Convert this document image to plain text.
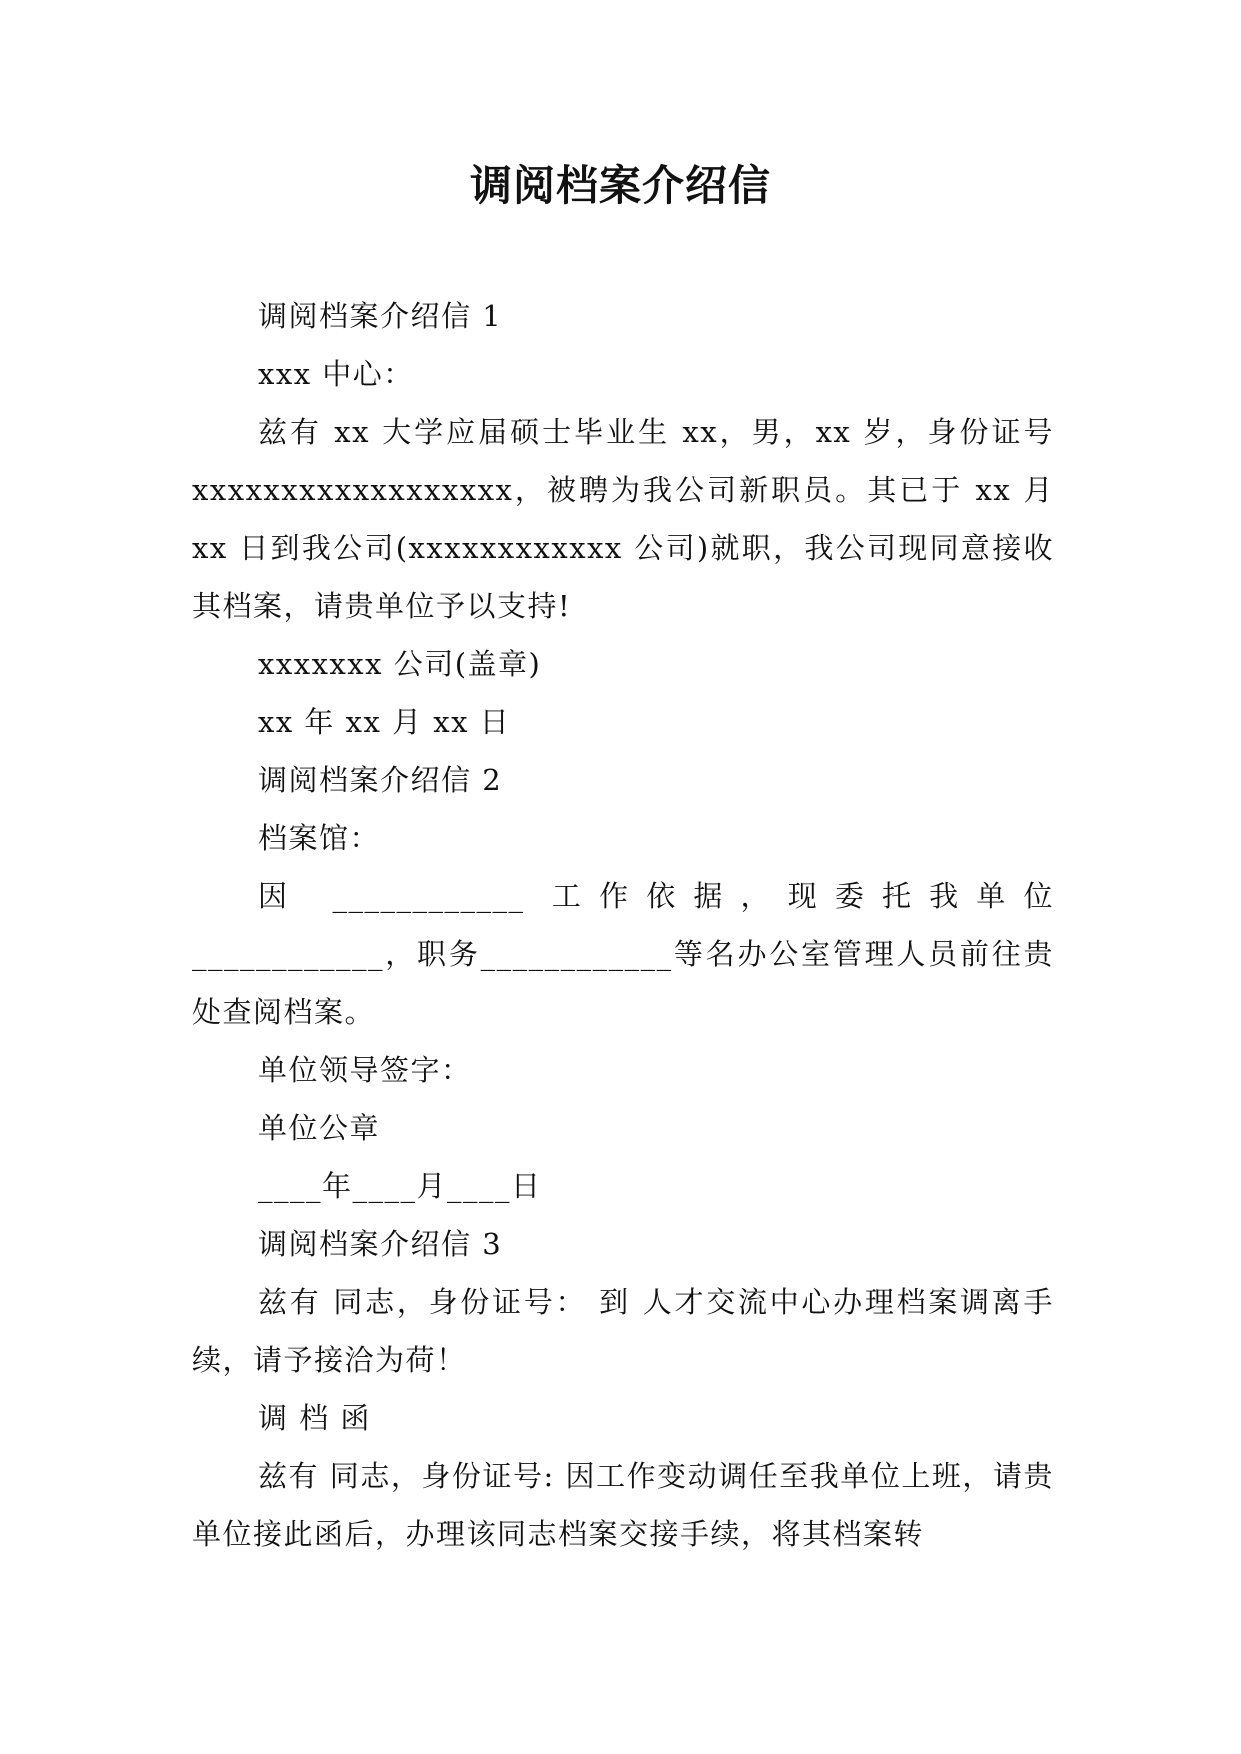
调阅档案介绍信

调阅档案介绍信 1

xxx 中心：

兹有 xx 大学应届硕士毕业生 xx，男，xx 岁，身份证号 xxxxxxxxxxxxxxxxxx，被聘为我公司新职员。其已于 xx 月 xx 日到我公司(xxxxxxxxxxxx 公司)就职，我公司现同意接收其档案，请贵单位予以支持!

xxxxxxx 公司(盖章)

xx 年 xx 月 xx 日

调阅档案介绍信 2

档案馆：

因 ____________ 工作依据，现委托我单位 ____________，职务____________等名办公室管理人员前往贵处查阅档案。

单位领导签字：

单位公章

____年____月____日

调阅档案介绍信 3

兹有 同志，身份证号： 到 人才交流中心办理档案调离手续，请予接洽为荷！

调 档 函

兹有 同志，身份证号: 因工作变动调任至我单位上班，请贵单位接此函后，办理该同志档案交接手续，将其档案转
